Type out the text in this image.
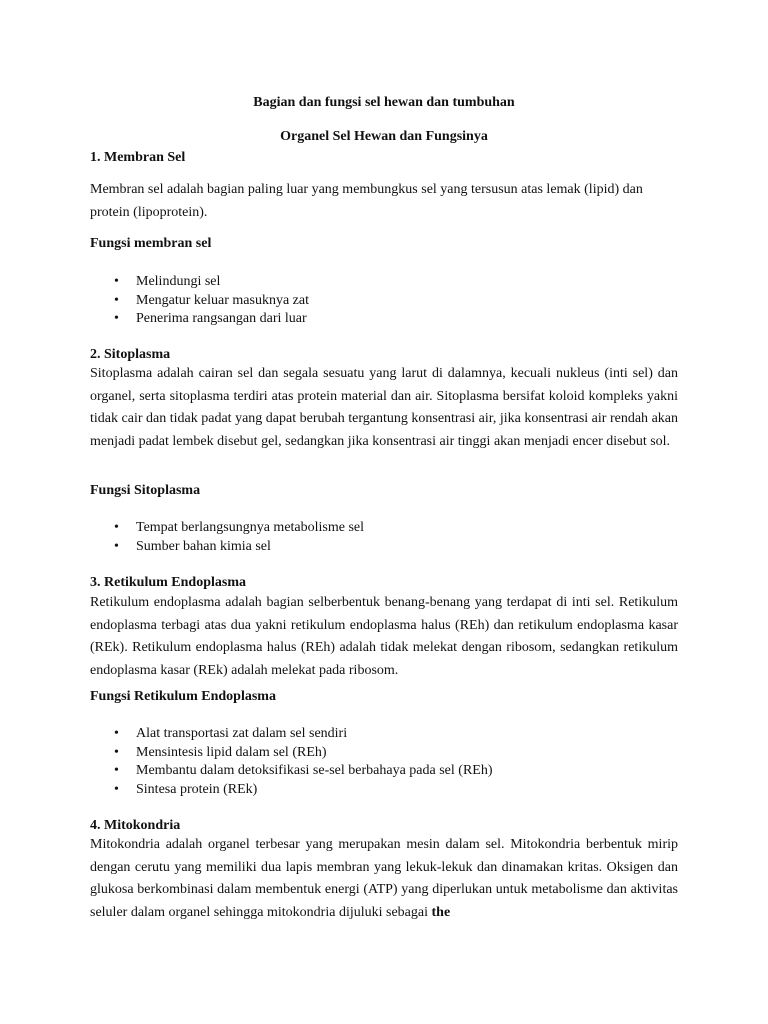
Bagian dan fungsi sel hewan dan tumbuhan

Organel Sel Hewan dan Fungsinya

1. Membran Sel

Membran sel adalah bagian paling luar yang membungkus sel yang tersusun atas lemak (lipid) dan protein (lipoprotein).

Fungsi membran sel

• Melindungi sel
• Mengatur keluar masuknya zat
• Penerima rangsangan dari luar

2. Sitoplasma

Sitoplasma adalah cairan sel dan segala sesuatu yang larut di dalamnya, kecuali nukleus (inti sel) dan organel, serta sitoplasma terdiri atas protein material dan air. Sitoplasma bersifat koloid kompleks yakni tidak cair dan tidak padat yang dapat berubah tergantung konsentrasi air, jika konsentrasi air rendah akan menjadi padat lembek disebut gel, sedangkan jika konsentrasi air tinggi akan menjadi encer disebut sol.

Fungsi Sitoplasma

• Tempat berlangsungnya metabolisme sel
• Sumber bahan kimia sel

3. Retikulum Endoplasma

Retikulum endoplasma adalah bagian selberbentuk benang-benang yang terdapat di inti sel. Retikulum endoplasma terbagi atas dua yakni retikulum endoplasma halus (REh) dan retikulum endoplasma kasar (REk). Retikulum endoplasma halus (REh) adalah tidak melekat dengan ribosom, sedangkan retikulum endoplasma kasar (REk) adalah melekat pada ribosom.

Fungsi Retikulum Endoplasma

• Alat transportasi zat dalam sel sendiri
• Mensintesis lipid dalam sel (REh)
• Membantu dalam detoksifikasi se-sel berbahaya pada sel (REh)
• Sintesa protein (REk)

4. Mitokondria

Mitokondria adalah organel terbesar yang merupakan mesin dalam sel. Mitokondria berbentuk mirip dengan cerutu yang memiliki dua lapis membran yang lekuk-lekuk dan dinamakan kritas. Oksigen dan glukosa berkombinasi dalam membentuk energi (ATP) yang diperlukan untuk metabolisme dan aktivitas seluler dalam organel sehingga mitokondria dijuluki sebagai the
